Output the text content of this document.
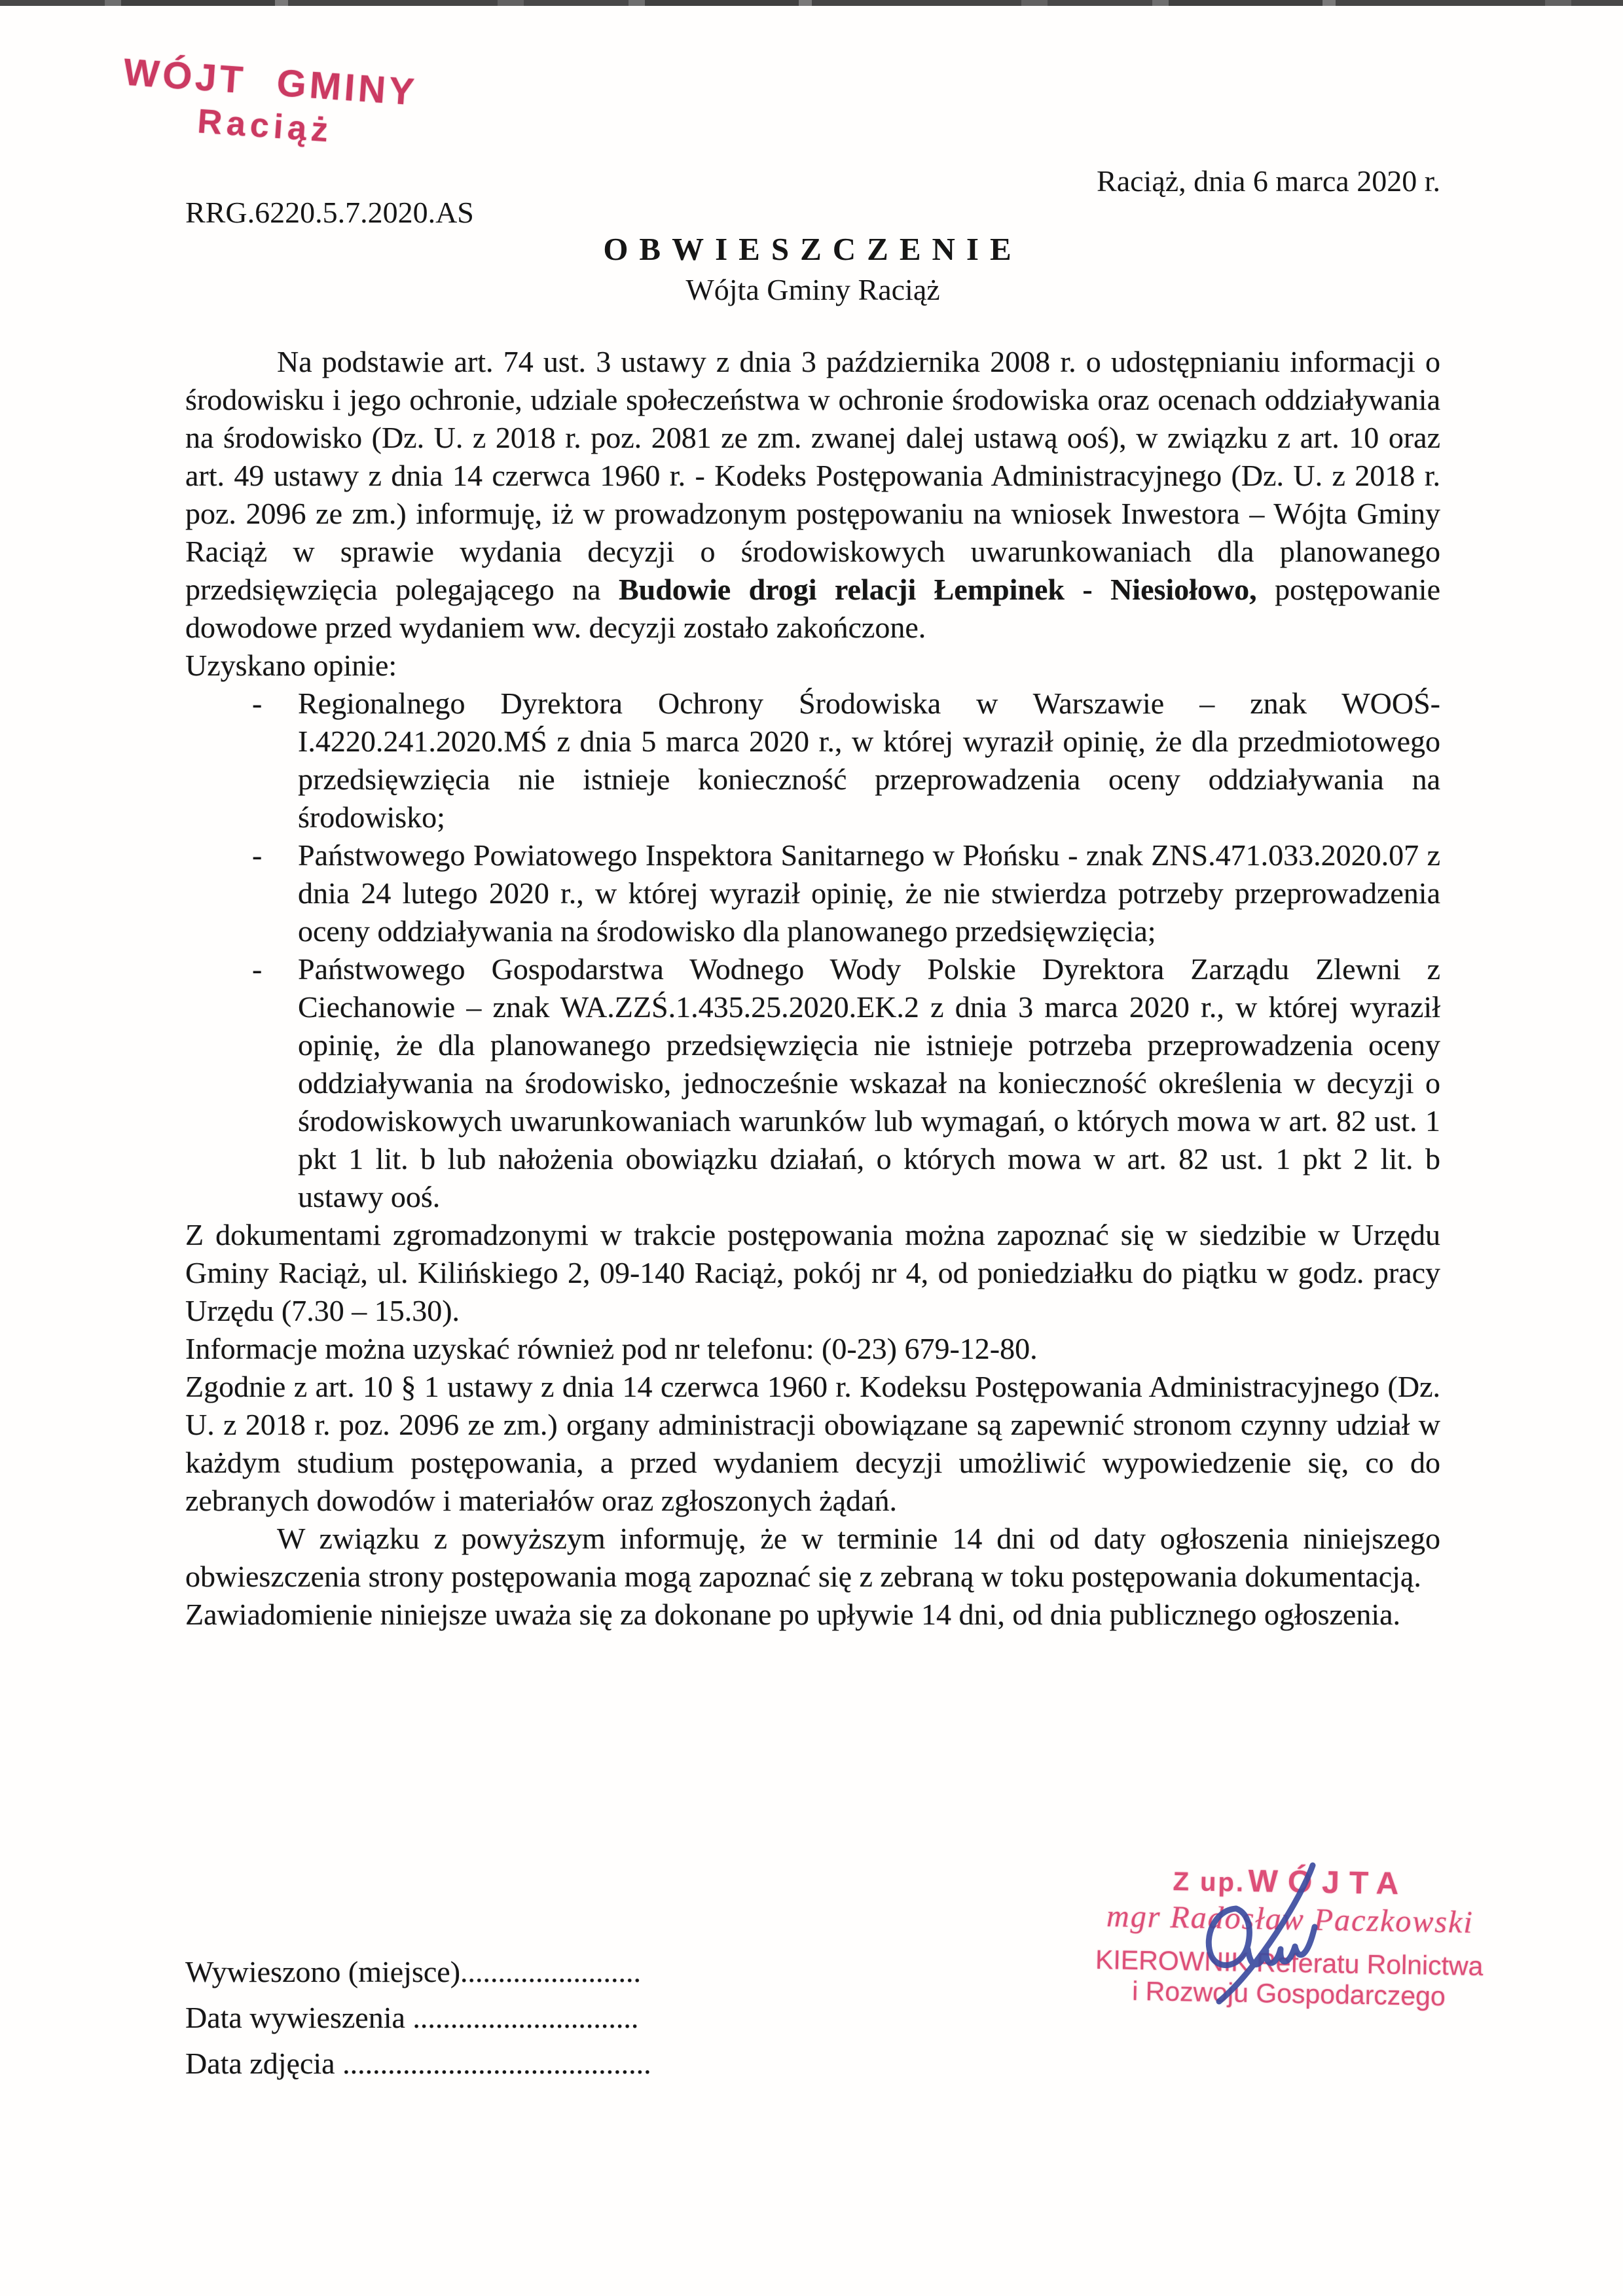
WÓJT GMINY
Raciąż
RRG.6220.5.7.2020.AS
Raciąż, dnia 6 marca 2020 r.
OBWIESZCZENIE
Wójta Gminy Raciąż

Na podstawie art. 74 ust. 3 ustawy z dnia 3 października 2008 r. o udostępnianiu informacji o środowisku i jego ochronie, udziale społeczeństwa w ochronie środowiska oraz ocenach oddziaływania na środowisko (Dz. U. z 2018 r. poz. 2081 ze zm. zwanej dalej ustawą ooś), w związku z art. 10 oraz art. 49 ustawy z dnia 14 czerwca 1960 r. - Kodeks Postępowania Administracyjnego (Dz. U. z 2018 r. poz. 2096 ze zm.) informuję, iż w prowadzonym postępowaniu na wniosek Inwestora – Wójta Gminy Raciąż w sprawie wydania decyzji o środowiskowych uwarunkowaniach dla planowanego przedsięwzięcia polegającego na Budowie drogi relacji Łempinek - Niesiołowo, postępowanie dowodowe przed wydaniem ww. decyzji zostało zakończone.

Uzyskano opinie:

- Regionalnego Dyrektora Ochrony Środowiska w Warszawie – znak WOOŚ-I.4220.241.2020.MŚ z dnia 5 marca 2020 r., w której wyraził opinię, że dla przedmiotowego przedsięwzięcia nie istnieje konieczność przeprowadzenia oceny oddziaływania na środowisko;
- Państwowego Powiatowego Inspektora Sanitarnego w Płońsku - znak ZNS.471.033.2020.07 z dnia 24 lutego 2020 r., w której wyraził opinię, że nie stwierdza potrzeby przeprowadzenia oceny oddziaływania na środowisko dla planowanego przedsięwzięcia;
- Państwowego Gospodarstwa Wodnego Wody Polskie Dyrektora Zarządu Zlewni z Ciechanowie – znak WA.ZZŚ.1.435.25.2020.EK.2 z dnia 3 marca 2020 r., w której wyraził opinię, że dla planowanego przedsięwzięcia nie istnieje potrzeba przeprowadzenia oceny oddziaływania na środowisko, jednocześnie wskazał na konieczność określenia w decyzji o środowiskowych uwarunkowaniach warunków lub wymagań, o których mowa w art. 82 ust. 1 pkt 1 lit. b lub nałożenia obowiązku działań, o których mowa w art. 82 ust. 1 pkt 2 lit. b ustawy ooś.

Z dokumentami zgromadzonymi w trakcie postępowania można zapoznać się w siedzibie w Urzędu Gminy Raciąż, ul. Kilińskiego 2, 09-140 Raciąż, pokój nr 4, od poniedziałku do piątku w godz. pracy Urzędu (7.30 – 15.30).

Informacje można uzyskać również pod nr telefonu: (0-23) 679-12-80.

Zgodnie z art. 10 § 1 ustawy z dnia 14 czerwca 1960 r. Kodeksu Postępowania Administracyjnego (Dz. U. z 2018 r. poz. 2096 ze zm.) organy administracji obowiązane są zapewnić stronom czynny udział w każdym studium postępowania, a przed wydaniem decyzji umożliwić wypowiedzenie się, co do zebranych dowodów i materiałów oraz zgłoszonych żądań.

W związku z powyższym informuję, że w terminie 14 dni od daty ogłoszenia niniejszego obwieszczenia strony postępowania mogą zapoznać się z zebraną w toku postępowania dokumentacją.

Zawiadomienie niniejsze uważa się za dokonane po upływie 14 dni, od dnia publicznego ogłoszenia.

Wywieszono (miejsce)........................
Data wywieszenia ..............................
Data zdjęcia .........................................
Z up. WÓJTA
mgr Radosław Paczkowski
KIEROWNIK Referatu Rolnictwa
i Rozwoju Gospodarczego
